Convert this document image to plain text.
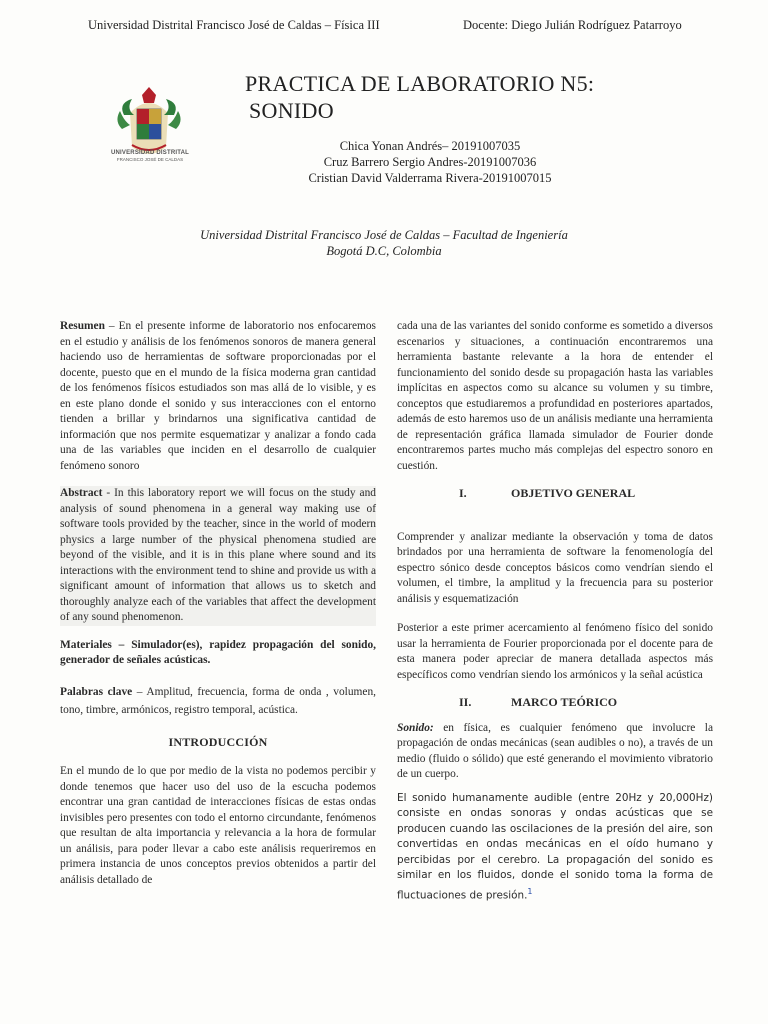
Universidad Distrital Francisco José de Caldas – Física III	Docente: Diego Julián Rodríguez Patarroyo
UNIVERSIDAD DISTRITAL
FRANCISCO JOSÉ DE CALDAS
PRACTICA DE LABORATORIO N5:
SONIDO
Chica Yonan Andrés– 20191007035
Cruz Barrero Sergio Andres-20191007036
Cristian David Valderrama Rivera-20191007015
Universidad Distrital Francisco José de Caldas – Facultad de Ingeniería
Bogotá D.C, Colombia

Resumen – En el presente informe de laboratorio nos enfocaremos en el estudio y análisis de los fenómenos sonoros de manera general haciendo uso de herramientas de software proporcionadas por el docente, puesto que en el mundo de la física moderna gran cantidad de los fenómenos físicos estudiados son mas allá de lo visible, y es en este plano donde el sonido y sus interacciones con el entorno tienden a brillar y brindarnos una significativa cantidad de información que nos permite esquematizar y analizar a fondo cada una de las variables que inciden en el desarrollo de cualquier fenómeno sonoro

Abstract - In this laboratory report we will focus on the study and analysis of sound phenomena in a general way making use of software tools provided by the teacher, since in the world of modern physics a large number of the physical phenomena studied are beyond of the visible, and it is in this plane where sound and its interactions with the environment tend to shine and provide us with a significant amount of information that allows us to sketch and thoroughly analyze each of the variables that affect the development of any sound phenomenon.

Materiales – Simulador(es), rapidez propagación del sonido, generador de señales acústicas.

Palabras clave – Amplitud, frecuencia, forma de onda , volumen, tono, timbre, armónicos, registro temporal, acústica.

INTRODUCCIÓN

En el mundo de lo que por medio de la vista no podemos percibir y donde tenemos que hacer uso del uso de la escucha podemos encontrar una gran cantidad de interacciones físicas de estas ondas invisibles pero presentes con todo el entorno circundante, fenómenos que resultan de alta importancia y relevancia a la hora de formular un análisis, para poder llevar a cabo este análisis requeriremos en primera instancia de unos conceptos previos obtenidos a partir del análisis detallado de

cada una de las variantes del sonido conforme es sometido a diversos escenarios y situaciones, a continuación encontraremos una herramienta bastante relevante a la hora de entender el funcionamiento del sonido desde su propagación hasta las variables implícitas en aspectos como su alcance su volumen y su timbre, conceptos que estudiaremos a profundidad en posteriores apartados, además de esto haremos uso de un análisis mediante una herramienta de representación gráfica llamada simulador de Fourier donde encontraremos partes mucho más complejas del espectro sonoro en cuestión.

I.	OBJETIVO GENERAL

Comprender y analizar mediante la observación y toma de datos brindados por una herramienta de software la fenomenología del espectro sónico desde conceptos básicos como vendrían siendo el volumen, el timbre, la amplitud y la frecuencia para su posterior análisis y esquematización

Posterior a este primer acercamiento al fenómeno físico del sonido usar la herramienta de Fourier proporcionada por el docente para de esta manera poder apreciar de manera detallada aspectos más específicos como vendrían siendo los armónicos y la señal acústica

II.	MARCO TEÓRICO

Sonido: en física, es cualquier fenómeno que involucre la propagación de ondas mecánicas (sean audibles o no), a través de un medio (fluido o sólido) que esté generando el movimiento vibratorio de un cuerpo.

El sonido humanamente audible (entre 20Hz y 20,000Hz) consiste en ondas sonoras y ondas acústicas que se producen cuando las oscilaciones de la presión del aire, son convertidas en ondas mecánicas en el oído humano y percibidas por el cerebro. La propagación del sonido es similar en los fluidos, donde el sonido toma la forma de fluctuaciones de presión.$^1$
